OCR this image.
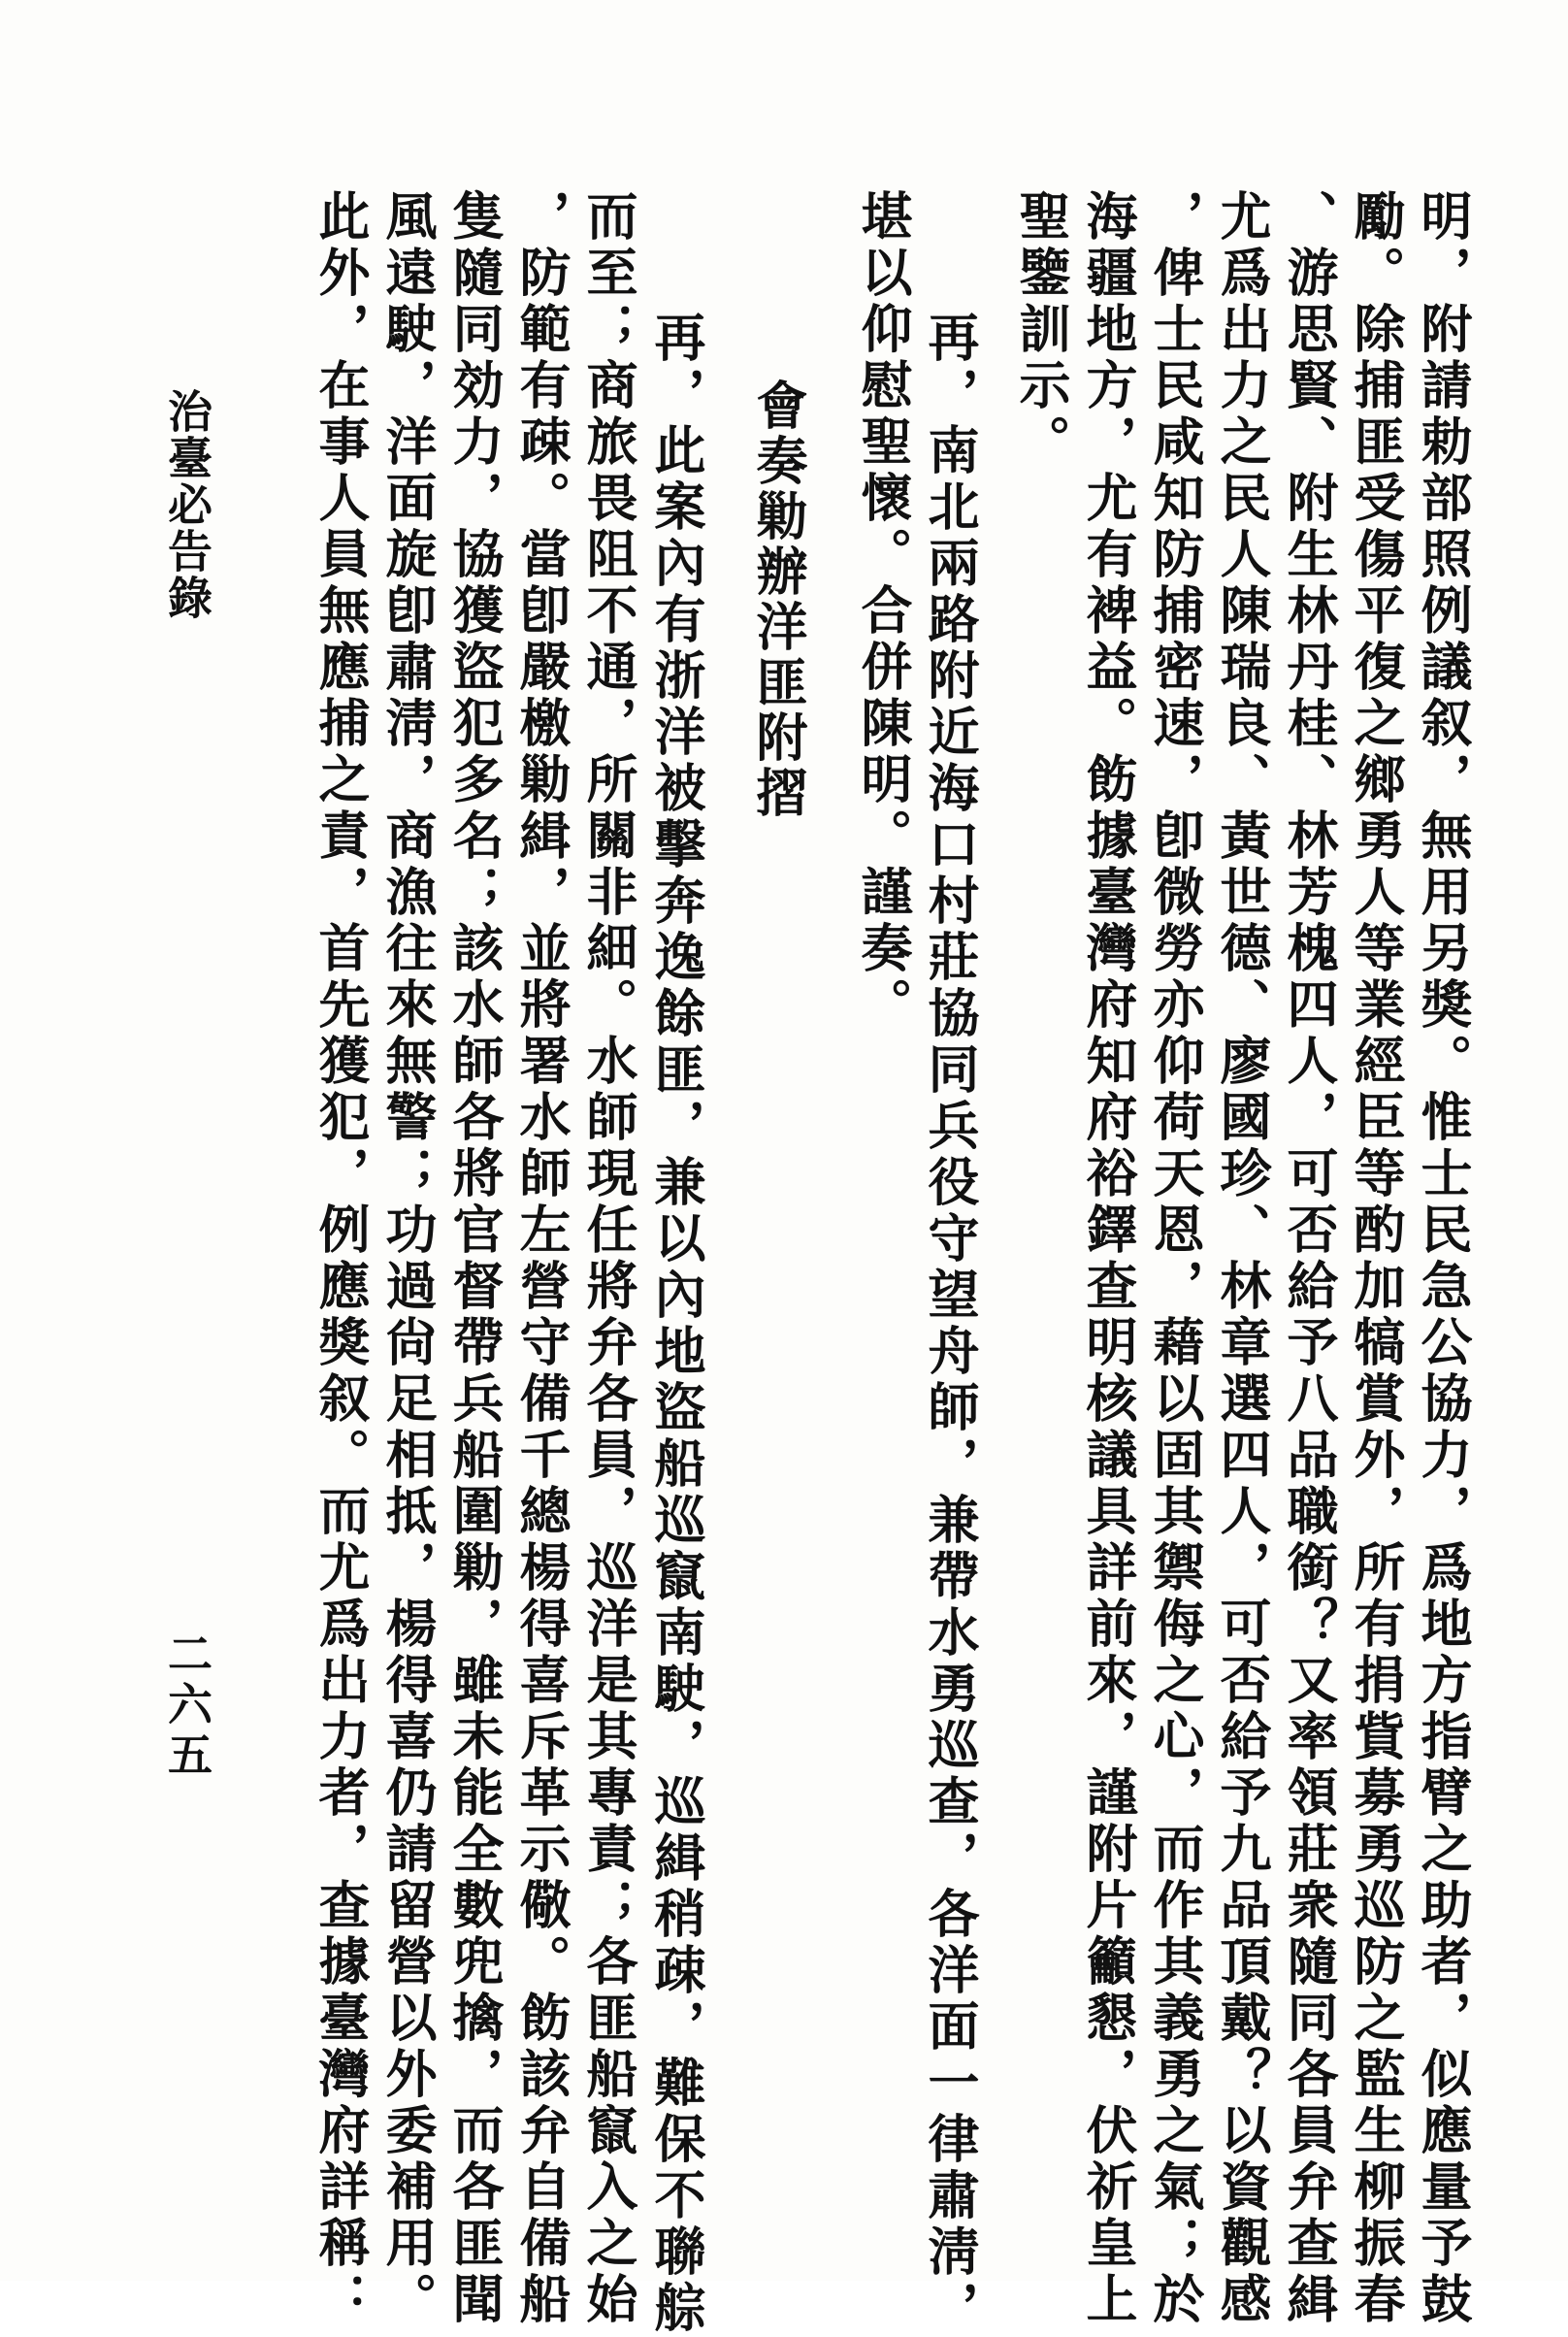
明，附請勅部照例議叙，無用另獎。惟士民急公協力，爲地方指臂之助者，似應量予鼓
勵。除捕匪受傷平復之鄉勇人等業經臣等酌加犒賞外，所有捐貲募勇巡防之監生柳振春
、游思賢、附生林丹桂、林芳槐四人，可否給予八品職銜？又率領莊衆隨同各員弁查緝
尤爲出力之民人陳瑞良、黃世德、廖國珍、林章選四人，可否給予九品頂戴？以資觀感
，俾士民咸知防捕密速，卽微勞亦仰荷天恩，藉以固其禦侮之心，而作其義勇之氣；於
海疆地方，尤有裨益。飭據臺灣府知府裕鐸查明核議具詳前來，謹附片籲懇，伏祈皇上
聖鑒訓示。
再，南北兩路附近海口村莊協同兵役守望舟師，兼帶水勇巡查，各洋面一律肅淸，
堪以仰慰聖懷。合併陳明。謹奏。
會奏勦辦洋匪附摺
再，此案內有浙洋被擊奔逸餘匪，兼以內地盜船巡竄南駛，巡緝稍疎，難保不聯䑸
而至；商旅畏阻不通，所關非細。水師現任將弁各員，巡洋是其專責；各匪船竄入之始
，防範有疎。當卽嚴檄勦緝，並將署水師左營守備千總楊得喜斥革示儆。飭該弁自備船
隻隨同効力，協獲盜犯多名；該水師各將官督帶兵船圍勦，雖未能全數兜擒，而各匪聞
風遠駛，洋面旋卽肅淸，商漁往來無警；功過尙足相抵，楊得喜仍請留營以外委補用。
此外，在事人員無應捕之責，首先獲犯，例應獎叙。而尤爲出力者，查據臺灣府詳稱：
治臺必告錄
二六五
